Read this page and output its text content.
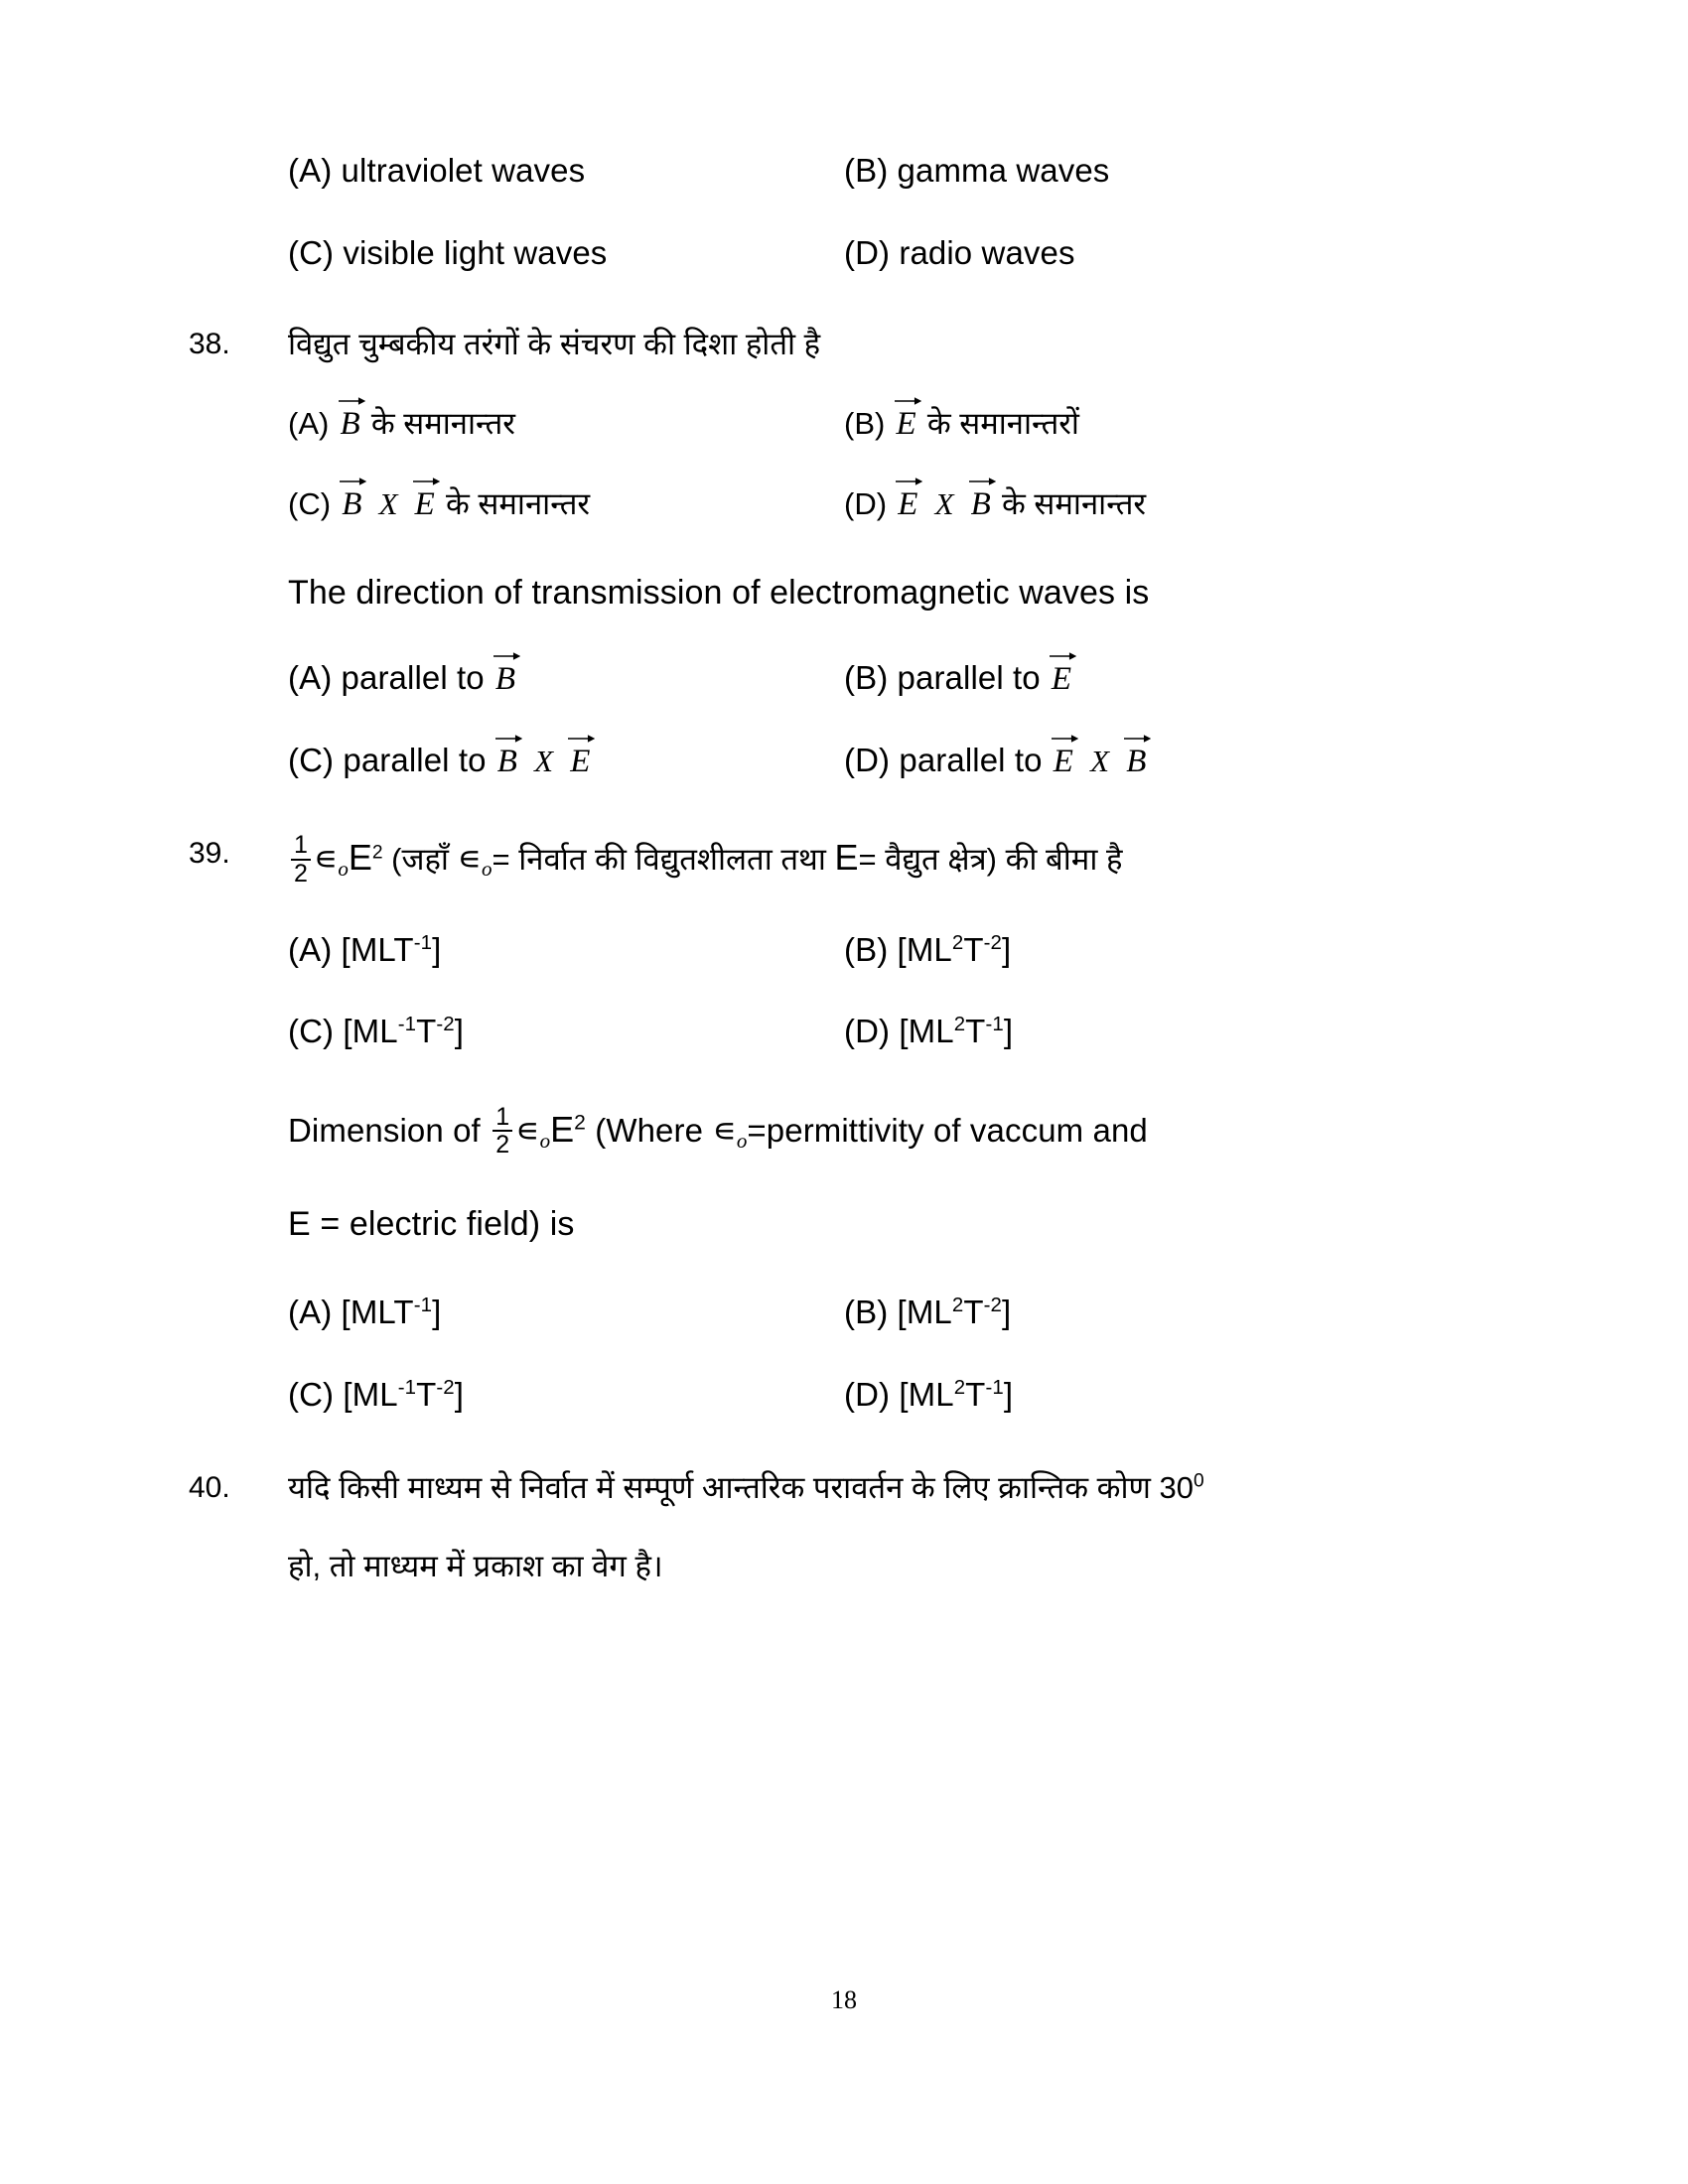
(A) ultraviolet waves	(B) gamma waves
(C) visible light waves	(D) radio waves
38.	विद्युत चुम्बकीय तरंगों के संचरण की दिशा होती है
(A) B के समानान्तर	(B) E के समानान्तरों
(C) B X E के समानान्तर	(D) E X B के समानान्तर
The direction of transmission of electromagnetic waves is
(A) parallel to B	(B) parallel to E
(C) parallel to B X E	(D) parallel to E X B
39.	$\frac{1}{2}$ $∊oE^2$ (जहाँ ∊o= निर्वात की विद्युतशीलता तथा E= वैद्युत क्षेत्र) की बीमा है
(A) $[MLT^{-1}]$	(B) $[ML^2T^{-2}]$
(C) $[ML^{-1}T^{-2}]$	(D) $[ML^2T^{-1}]$
Dimension of $\frac{1}{2}$ $∊oE^2$ (Where ∊o=permittivity of vaccum and
E = electric field) is
(A) $[MLT^{-1}]$	(B) $[ML^2T^{-2}]$
(C) $[ML^{-1}T^{-2}]$	(D) $[ML^2T^{-1}]$
40.	यदि किसी माध्यम से निर्वात में सम्पूर्ण आन्तरिक परावर्तन के लिए क्रान्तिक कोण $30^0$
हो, तो माध्यम में प्रकाश का वेग है।
18
